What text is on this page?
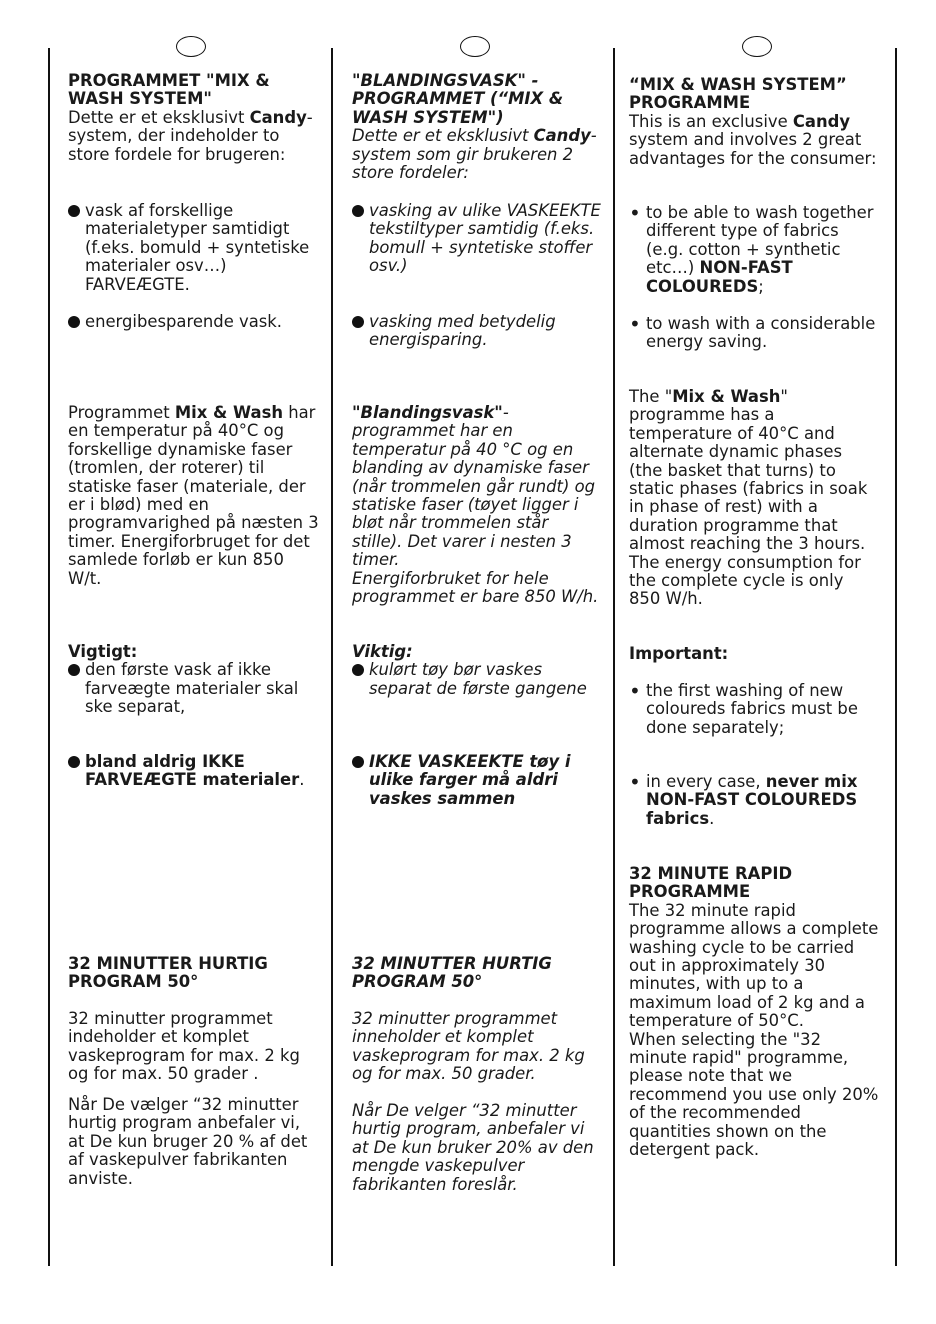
PROGRAMMET "MIX & WASH SYSTEM"

Dette er et eksklusivt Candy-system, der indeholder to store fordele for brugeren:

vask af forskellige materialetyper samtidigt (f.eks. bomuld + syntetiske materialer osv…) FARVEÆGTE.
energibesparende vask.

Programmet Mix & Wash har en temperatur på 40°C og forskellige dynamiske faser (tromlen, der roterer) til statiske faser (materiale, der er i blød) med en programvarighed på næsten 3 timer. Energiforbruget for det samlede forløb er kun 850 W/t.

Vigtigt:

den første vask af ikke farveægte materialer skal ske separat,
bland aldrig IKKE FARVEÆGTE materialer.

32 MINUTTER HURTIG PROGRAM 50°

32 minutter programmet indeholder et komplet vaskeprogram for max. 2 kg og for max. 50 grader .

Når De vælger “32 minutter hurtig program anbefaler vi, at De kun bruger 20 % af det af vaskepulver fabrikanten anviste.

"BLANDINGSVASK" - PROGRAMMET (“MIX & WASH SYSTEM")

Dette er et eksklusivt Candy-system som gir brukeren 2 store fordeler:

vasking av ulike VASKEEKTE tekstiltyper samtidig (f.eks. bomull + syntetiske stoffer osv.)
vasking med betydelig energisparing.

"Blandingsvask"-programmet har en temperatur på 40 °C og en blanding av dynamiske faser (når trommelen går rundt) og statiske faser (tøyet ligger i bløt når trommelen står stille). Det varer i nesten 3 timer.

Energiforbruket for hele programmet er bare 850 W/h.

Viktig:

kulørt tøy bør vaskes separat de første gangene
IKKE VASKEEKTE tøy i ulike farger må aldri vaskes sammen

32 MINUTTER HURTIG PROGRAM 50°

32 minutter programmet inneholder et komplet vaskeprogram for max. 2 kg og for max. 50 grader.

Når De velger “32 minutter hurtig program, anbefaler vi at De kun bruker 20% av den mengde vaskepulver fabrikanten foreslår.

“MIX & WASH SYSTEM” PROGRAMME

This is an exclusive Candy system and involves 2 great advantages for the consumer:

• to be able to wash together different type of fabrics (e.g. cotton + synthetic etc…) NON-FAST COLOUREDS;
• to wash with a considerable energy saving.

The "Mix & Wash" programme has a temperature of 40°C and alternate dynamic phases (the basket that turns) to static phases (fabrics in soak in phase of rest) with a duration programme that almost reaching the 3 hours. The energy consumption for the complete cycle is only 850 W/h.

Important:

• the first washing of new coloureds fabrics must be done separately;
• in every case, never mix NON-FAST COLOUREDS fabrics.

32 MINUTE RAPID PROGRAMME

The 32 minute rapid programme allows a complete washing cycle to be carried out in approximately 30 minutes, with up to a maximum load of 2 kg and a temperature of 50°C.

When selecting the "32 minute rapid" programme, please note that we recommend you use only 20% of the recommended quantities shown on the detergent pack.
